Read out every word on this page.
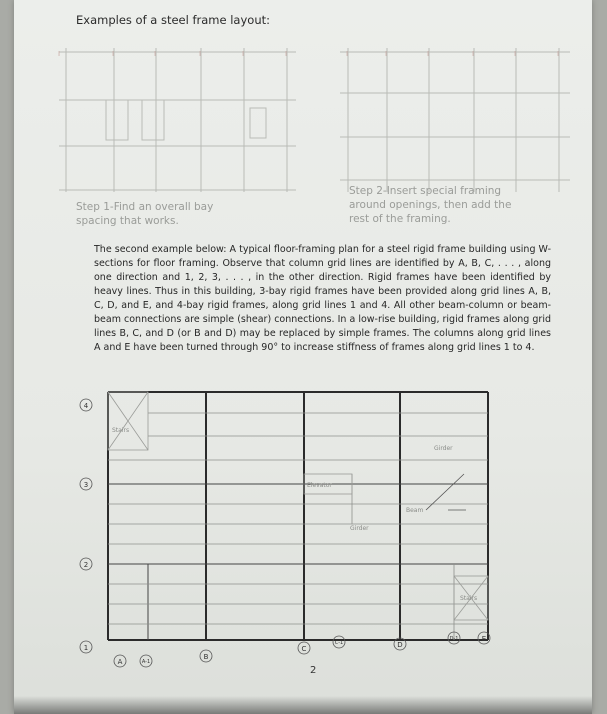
Examples of a steel frame layout:
I	I	I	I	I	I	I	I	I	I	I	I
Step 1-Find an overall bay
spacing that works.
Step 2-Insert special framing
around openings, then add the
rest of the framing.
The second example below: A typical floor-framing plan for a steel rigid frame building using W-sections for floor framing. Observe that column grid lines are identified by A, B, C, . . . , along one direction and 1, 2, 3, . . . , in the other direction. Rigid frames have been identified by heavy lines. Thus in this building, 3-bay rigid frames have been provided along grid lines A, B, C, D, and E, and 4-bay rigid frames, along grid lines 1 and 4. All other beam-column or beam-beam connections are simple (shear) connections. In a low-rise building, rigid frames along grid lines B, C, and D (or B and D) may be replaced by simple frames. The columns along grid lines A and E have been turned through 90° to increase stiffness of frames along grid lines 1 to 4.
4
3
2
1
A	A-1
B
C
C-1	D
D-1	E
Stairs
Elevator
Girder
Girder
Beam
Stairs
2
